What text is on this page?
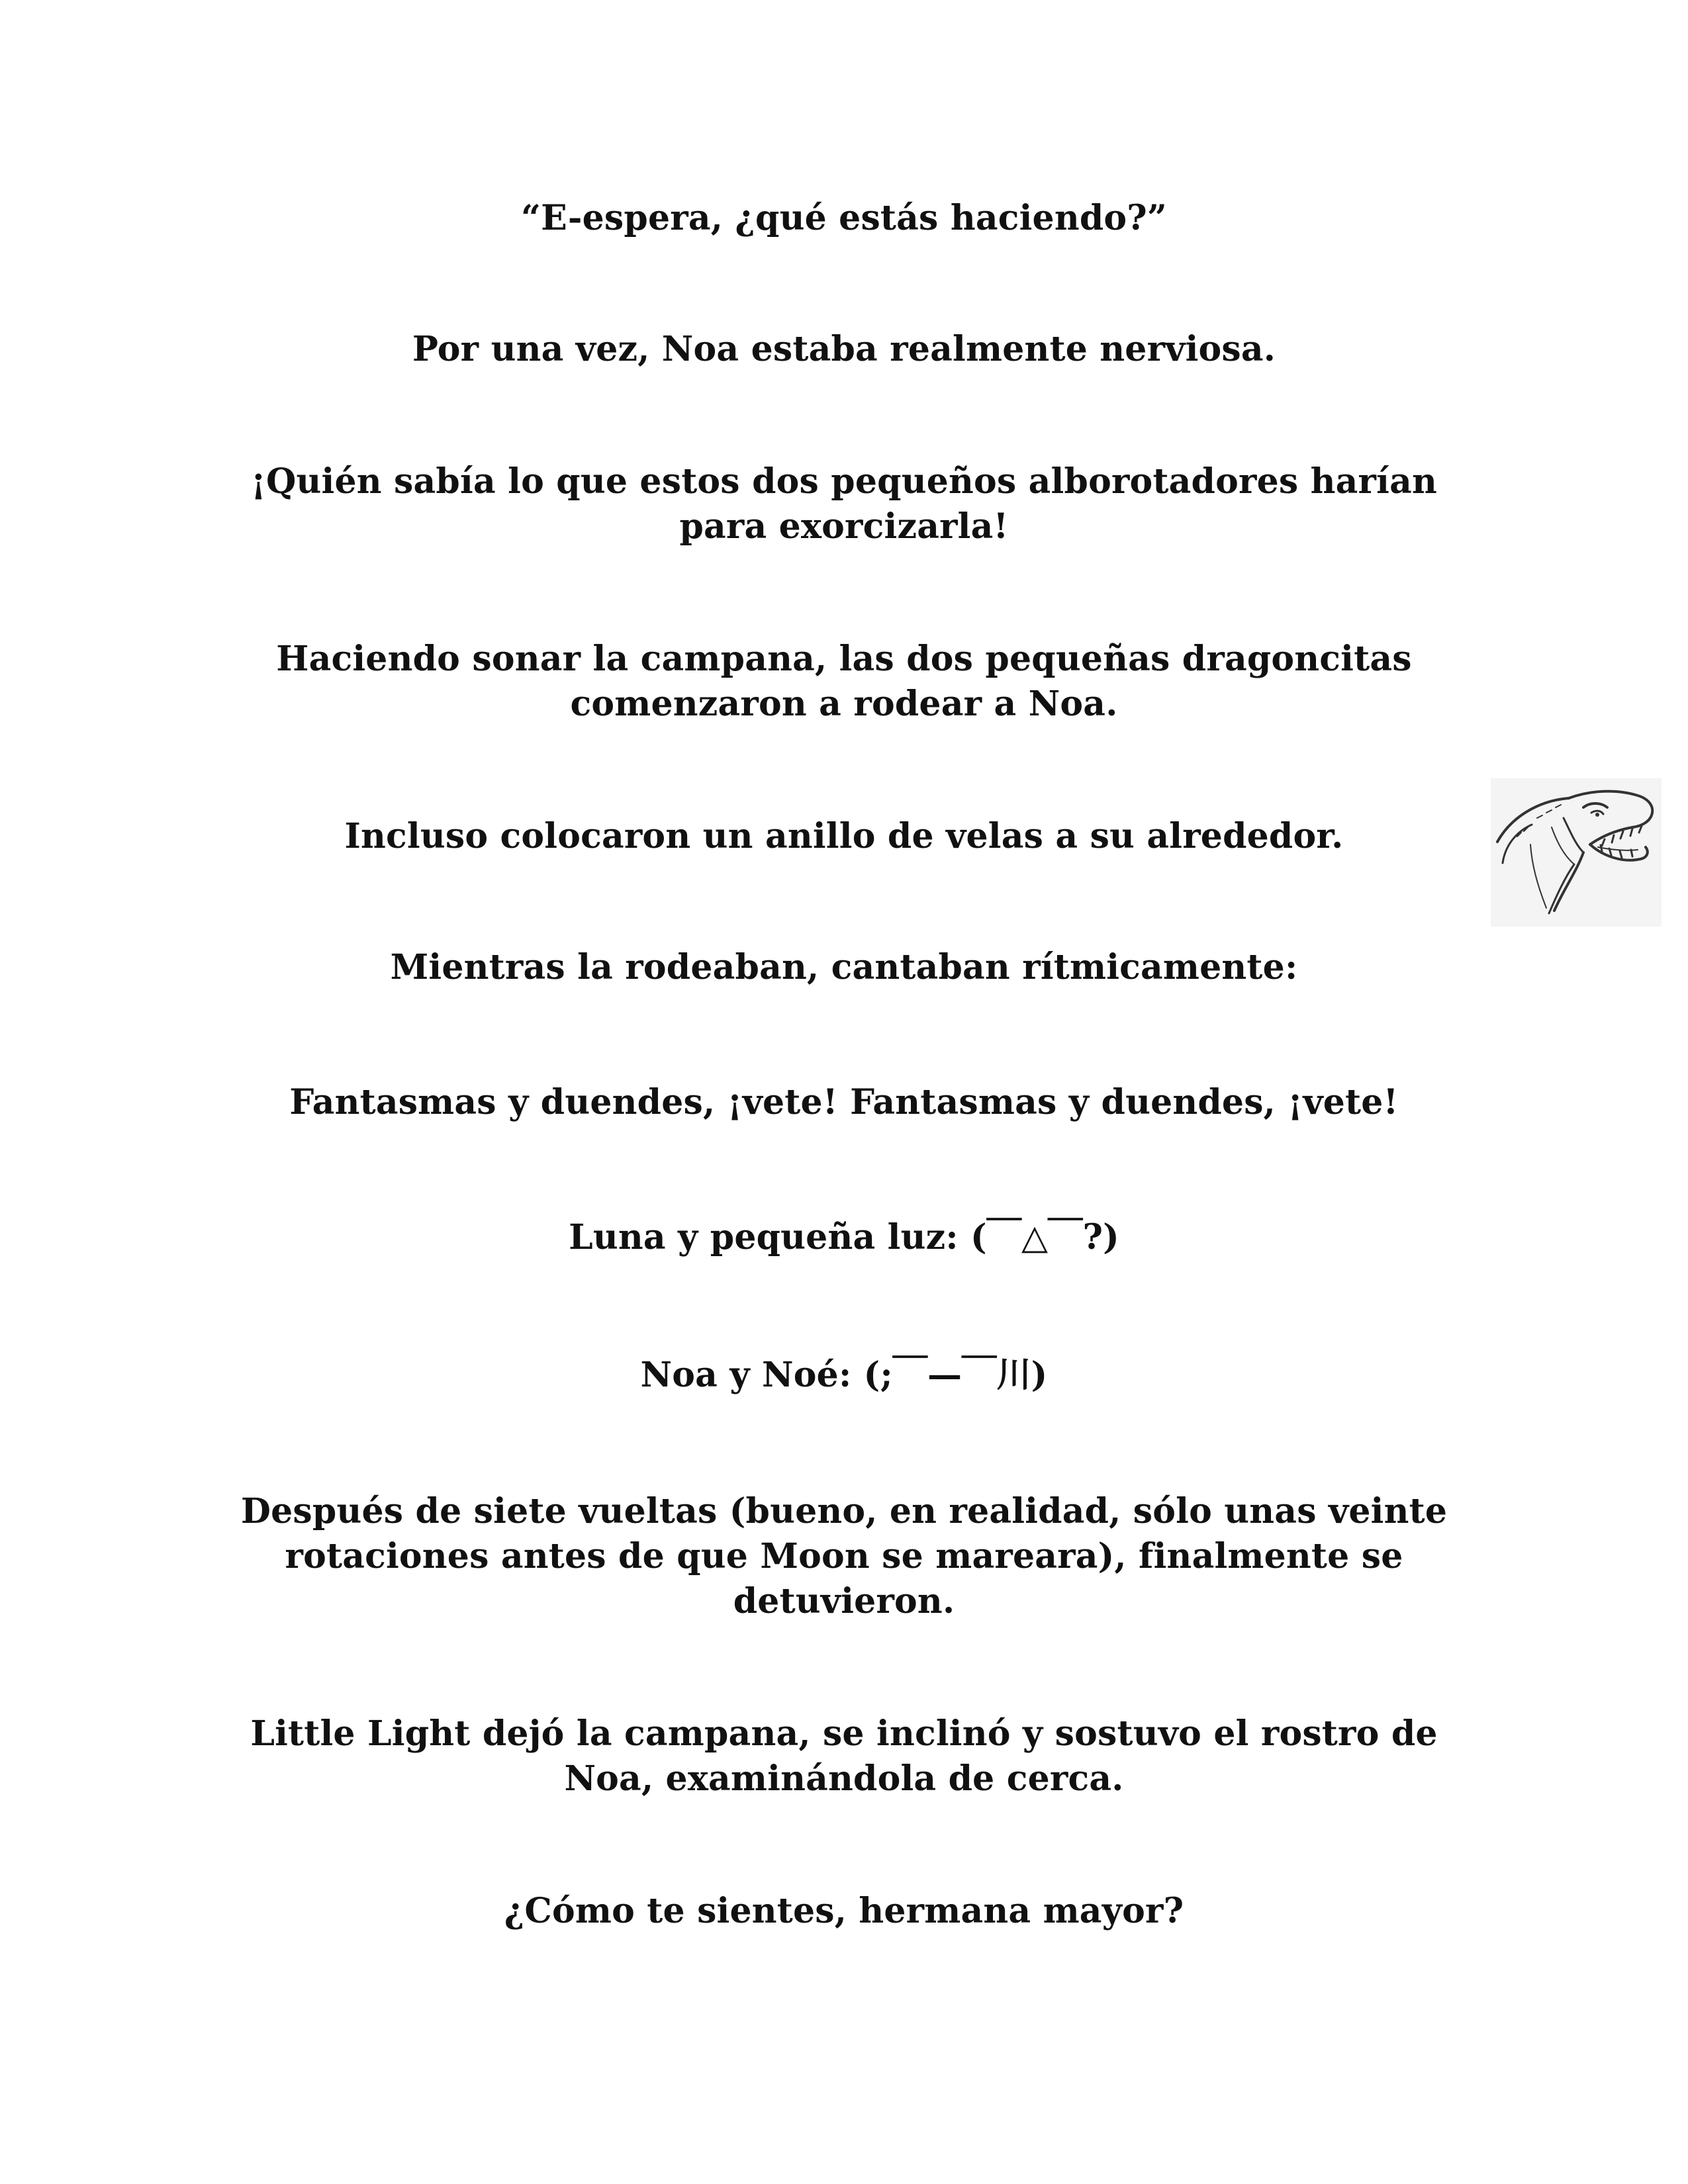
“E-espera, ¿qué estás haciendo?”

Por una vez, Noa estaba realmente nerviosa.

¡Quién sabía lo que estos dos pequeños alborotadores harían para exorcizarla!

Haciendo sonar la campana, las dos pequeñas dragoncitas comenzaron a rodear a Noa.

Incluso colocaron un anillo de velas a su alrededor.

Mientras la rodeaban, cantaban rítmicamente:

Fantasmas y duendes, ¡vete! Fantasmas y duendes, ¡vete!

Luna y pequeña luz: (￣△￣?)

Noa y Noé: (;￣—￣川)

Después de siete vueltas (bueno, en realidad, sólo unas veinte rotaciones antes de que Moon se mareara), finalmente se detuvieron.

Little Light dejó la campana, se inclinó y sostuvo el rostro de Noa, examinándola de cerca.

¿Cómo te sientes, hermana mayor?
